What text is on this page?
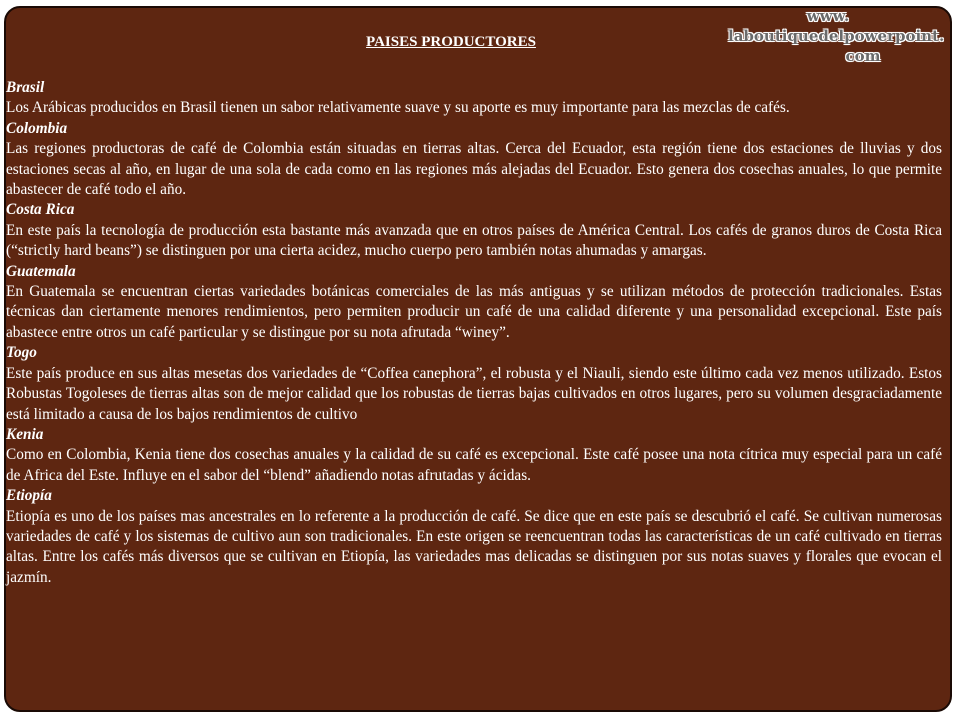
www.
laboutiquedelpowerpoint.
com
PAISES PRODUCTORES

Brasil

Los Arábicas producidos en Brasil tienen un sabor relativamente suave y su aporte es muy importante para las mezclas de cafés.

Colombia

Las regiones productoras de café de Colombia están situadas en tierras altas. Cerca del Ecuador, esta región tiene dos estaciones de lluvias y dos estaciones secas al año, en lugar de una sola de cada como en las regiones más alejadas del Ecuador. Esto genera dos cosechas anuales, lo que permite abastecer de café todo el año.

Costa Rica

En este país la tecnología de producción esta bastante más avanzada que en otros países de América Central. Los cafés de granos duros de Costa Rica (“strictly hard beans”) se distinguen por una cierta acidez, mucho cuerpo pero también notas ahumadas y amargas.

Guatemala

En Guatemala se encuentran ciertas variedades botánicas comerciales de las más antiguas y se utilizan métodos de protección tradicionales. Estas técnicas dan ciertamente menores rendimientos, pero permiten producir un café de una calidad diferente y una personalidad excepcional. Este país abastece entre otros un café particular y se distingue por su nota afrutada “winey”.

Togo

Este país produce en sus altas mesetas dos variedades de “Coffea canephora”, el robusta y el Niauli, siendo este último cada vez menos utilizado. Estos Robustas Togoleses de tierras altas son de mejor calidad que los robustas de tierras bajas cultivados en otros lugares, pero su volumen desgraciadamente está limitado a causa de los bajos rendimientos de cultivo

Kenia

Como en Colombia, Kenia tiene dos cosechas anuales y la calidad de su café es excepcional. Este café posee una nota cítrica muy especial para un café de Africa del Este. Influye en el sabor del “blend” añadiendo notas afrutadas y ácidas.

Etiopía

Etiopía es uno de los países mas ancestrales en lo referente a la producción de café. Se dice que en este país se descubrió el café. Se cultivan numerosas variedades de café y los sistemas de cultivo aun son tradicionales. En este origen se reencuentran todas las características de un café cultivado en tierras altas. Entre los cafés más diversos que se cultivan en Etiopía, las variedades mas delicadas se distinguen por sus notas suaves y florales que evocan el jazmín.
